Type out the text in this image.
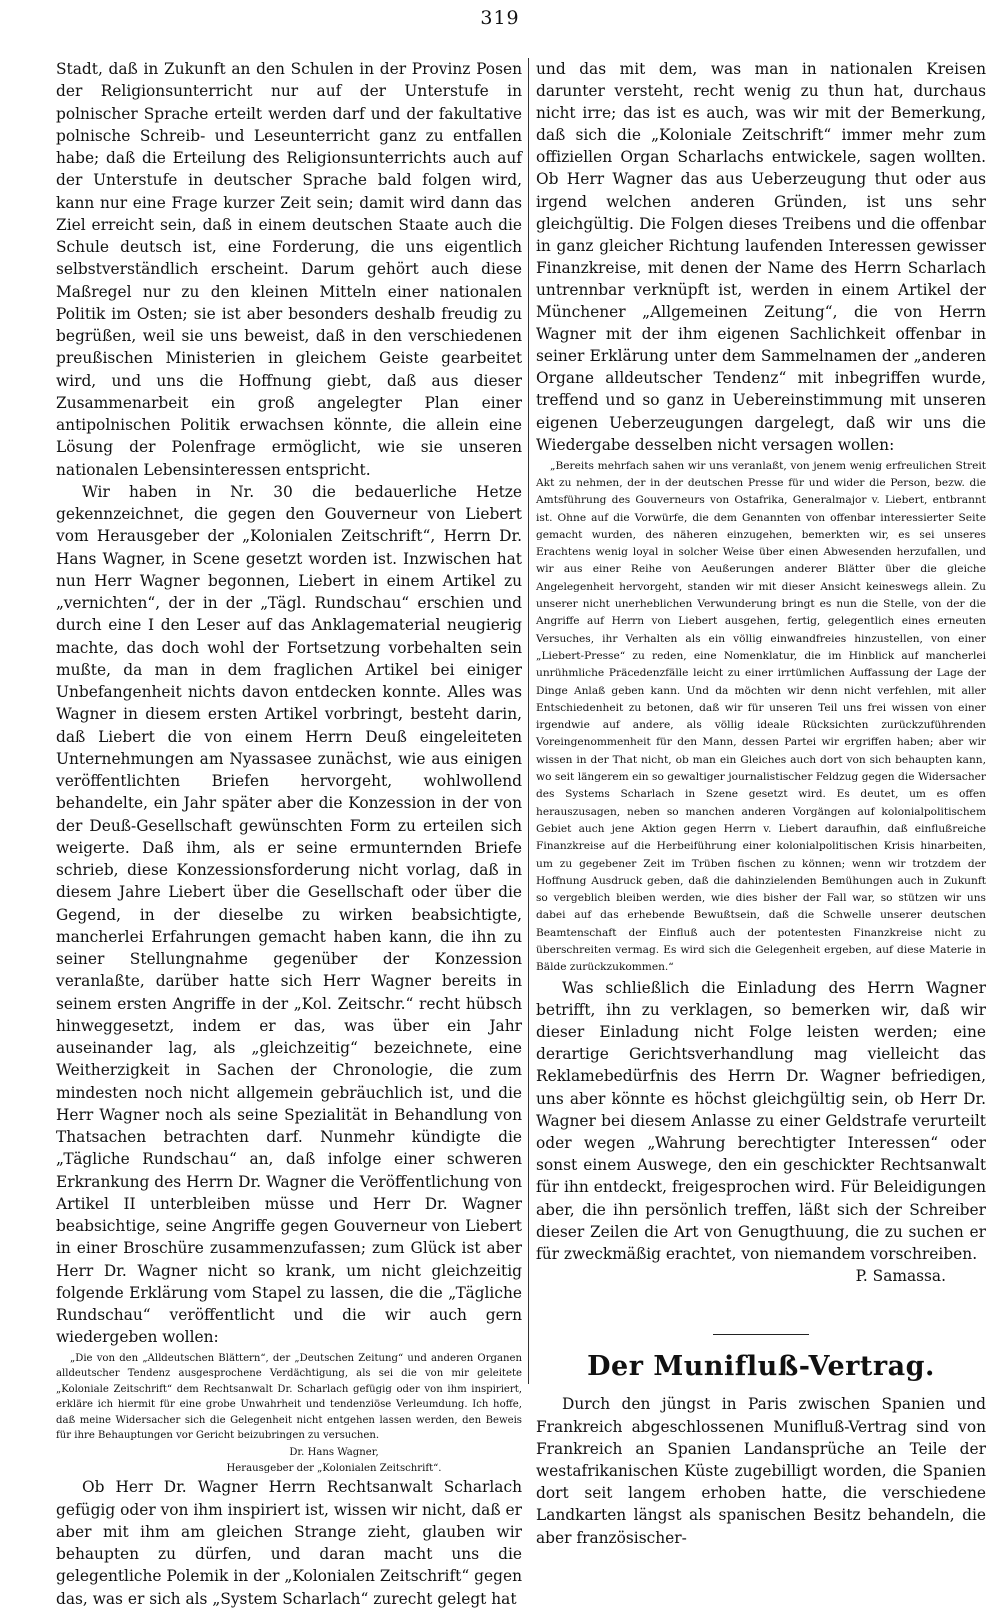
319

Stadt, daß in Zukunft an den Schulen in der Provinz Posen der Religionsunterricht nur auf der Unterstufe in polnischer Sprache erteilt werden darf und der fakultative polnische Schreib- und Leseunterricht ganz zu entfallen habe; daß die Erteilung des Religionsunterrichts auch auf der Unterstufe in deutscher Sprache bald folgen wird, kann nur eine Frage kurzer Zeit sein; damit wird dann das Ziel erreicht sein, daß in einem deutschen Staate auch die Schule deutsch ist, eine Forderung, die uns eigentlich selbstverständlich erscheint. Darum gehört auch diese Maßregel nur zu den kleinen Mitteln einer nationalen Politik im Osten; sie ist aber besonders deshalb freudig zu begrüßen, weil sie uns beweist, daß in den verschiedenen preußischen Ministerien in gleichem Geiste gearbeitet wird, und uns die Hoffnung giebt, daß aus dieser Zusammenarbeit ein groß angelegter Plan einer antipolnischen Politik erwachsen könnte, die allein eine Lösung der Polenfrage ermöglicht, wie sie unseren nationalen Lebensinteressen entspricht.

Wir haben in Nr. 30 die bedauerliche Hetze gekennzeichnet, die gegen den Gouverneur von Liebert vom Herausgeber der „Kolonialen Zeitschrift“, Herrn Dr. Hans Wagner, in Scene gesetzt worden ist. Inzwischen hat nun Herr Wagner begonnen, Liebert in einem Artikel zu „vernichten“, der in der „Tägl. Rundschau“ erschien und durch eine I den Leser auf das Anklagematerial neugierig machte, das doch wohl der Fortsetzung vorbehalten sein mußte, da man in dem fraglichen Artikel bei einiger Unbefangenheit nichts davon entdecken konnte. Alles was Wagner in diesem ersten Artikel vorbringt, besteht darin, daß Liebert die von einem Herrn Deuß eingeleiteten Unternehmungen am Nyassasee zunächst, wie aus einigen veröffentlichten Briefen hervorgeht, wohlwollend behandelte, ein Jahr später aber die Konzession in der von der Deuß-Gesellschaft gewünschten Form zu erteilen sich weigerte. Daß ihm, als er seine ermunternden Briefe schrieb, diese Konzessionsforderung nicht vorlag, daß in diesem Jahre Liebert über die Gesellschaft oder über die Gegend, in der dieselbe zu wirken beabsichtigte, mancherlei Erfahrungen gemacht haben kann, die ihn zu seiner Stellungnahme gegenüber der Konzession veranlaßte, darüber hatte sich Herr Wagner bereits in seinem ersten Angriffe in der „Kol. Zeitschr.“ recht hübsch hinweggesetzt, indem er das, was über ein Jahr auseinander lag, als „gleichzeitig“ bezeichnete, eine Weitherzigkeit in Sachen der Chronologie, die zum mindesten noch nicht allgemein gebräuchlich ist, und die Herr Wagner noch als seine Spezialität in Behandlung von Thatsachen betrachten darf. Nunmehr kündigte die „Tägliche Rundschau“ an, daß infolge einer schweren Erkrankung des Herrn Dr. Wagner die Veröffentlichung von Artikel II unterbleiben müsse und Herr Dr. Wagner beabsichtige, seine Angriffe gegen Gouverneur von Liebert in einer Broschüre zusammenzufassen; zum Glück ist aber Herr Dr. Wagner nicht so krank, um nicht gleichzeitig folgende Erklärung vom Stapel zu lassen, die die „Tägliche Rundschau“ veröffentlicht und die wir auch gern wiedergeben wollen:

„Die von den „Alldeutschen Blättern“, der „Deutschen Zeitung“ und anderen Organen alldeutscher Tendenz ausgesprochene Verdächtigung, als sei die von mir geleitete „Koloniale Zeitschrift“ dem Rechtsanwalt Dr. Scharlach gefügig oder von ihm inspiriert, erkläre ich hiermit für eine grobe Unwahrheit und tendenziöse Verleumdung. Ich hoffe, daß meine Widersacher sich die Gelegenheit nicht entgehen lassen werden, den Beweis für ihre Behauptungen vor Gericht beizubringen zu versuchen.

Dr. Hans Wagner,

Herausgeber der „Kolonialen Zeitschrift“.

Ob Herr Dr. Wagner Herrn Rechtsanwalt Scharlach gefügig oder von ihm inspiriert ist, wissen wir nicht, daß er aber mit ihm am gleichen Strange zieht, glauben wir behaupten zu dürfen, und daran macht uns die gelegentliche Polemik in der „Kolonialen Zeitschrift“ gegen das, was er sich als „System Scharlach“ zurecht gelegt hat

und das mit dem, was man in nationalen Kreisen darunter versteht, recht wenig zu thun hat, durchaus nicht irre; das ist es auch, was wir mit der Bemerkung, daß sich die „Koloniale Zeitschrift“ immer mehr zum offiziellen Organ Scharlachs entwickele, sagen wollten. Ob Herr Wagner das aus Ueberzeugung thut oder aus irgend welchen anderen Gründen, ist uns sehr gleichgültig. Die Folgen dieses Treibens und die offenbar in ganz gleicher Richtung laufenden Interessen gewisser Finanzkreise, mit denen der Name des Herrn Scharlach untrennbar verknüpft ist, werden in einem Artikel der Münchener „Allgemeinen Zeitung“, die von Herrn Wagner mit der ihm eigenen Sachlichkeit offenbar in seiner Erklärung unter dem Sammelnamen der „anderen Organe alldeutscher Tendenz“ mit inbegriffen wurde, treffend und so ganz in Uebereinstimmung mit unseren eigenen Ueberzeugungen dargelegt, daß wir uns die Wiedergabe desselben nicht versagen wollen:

„Bereits mehrfach sahen wir uns veranlaßt, von jenem wenig erfreulichen Streit Akt zu nehmen, der in der deutschen Presse für und wider die Person, bezw. die Amtsführung des Gouverneurs von Ostafrika, Generalmajor v. Liebert, entbrannt ist. Ohne auf die Vorwürfe, die dem Genannten von offenbar interessierter Seite gemacht wurden, des näheren einzugehen, bemerkten wir, es sei unseres Erachtens wenig loyal in solcher Weise über einen Abwesenden herzufallen, und wir aus einer Reihe von Aeußerungen anderer Blätter über die gleiche Angelegenheit hervorgeht, standen wir mit dieser Ansicht keineswegs allein. Zu unserer nicht unerheblichen Verwunderung bringt es nun die Stelle, von der die Angriffe auf Herrn von Liebert ausgehen, fertig, gelegentlich eines erneuten Versuches, ihr Verhalten als ein völlig einwandfreies hinzustellen, von einer „Liebert-Presse“ zu reden, eine Nomenklatur, die im Hinblick auf mancherlei unrühmliche Präcedenzfälle leicht zu einer irrtümlichen Auffassung der Lage der Dinge Anlaß geben kann. Und da möchten wir denn nicht verfehlen, mit aller Entschiedenheit zu betonen, daß wir für unseren Teil uns frei wissen von einer irgendwie auf andere, als völlig ideale Rücksichten zurückzuführenden Voreingenommenheit für den Mann, dessen Partei wir ergriffen haben; aber wir wissen in der That nicht, ob man ein Gleiches auch dort von sich behaupten kann, wo seit längerem ein so gewaltiger journalistischer Feldzug gegen die Widersacher des Systems Scharlach in Szene gesetzt wird. Es deutet, um es offen herauszusagen, neben so manchen anderen Vorgängen auf kolonialpolitischem Gebiet auch jene Aktion gegen Herrn v. Liebert daraufhin, daß einflußreiche Finanzkreise auf die Herbeiführung einer kolonialpolitischen Krisis hinarbeiten, um zu gegebener Zeit im Trüben fischen zu können; wenn wir trotzdem der Hoffnung Ausdruck geben, daß die dahinzielenden Bemühungen auch in Zukunft so vergeblich bleiben werden, wie dies bisher der Fall war, so stützen wir uns dabei auf das erhebende Bewußtsein, daß die Schwelle unserer deutschen Beamtenschaft der Einfluß auch der potentesten Finanzkreise nicht zu überschreiten vermag. Es wird sich die Gelegenheit ergeben, auf diese Materie in Bälde zurückzukommen.“

Was schließlich die Einladung des Herrn Wagner betrifft, ihn zu verklagen, so bemerken wir, daß wir dieser Einladung nicht Folge leisten werden; eine derartige Gerichtsverhandlung mag vielleicht das Reklamebedürfnis des Herrn Dr. Wagner befriedigen, uns aber könnte es höchst gleichgültig sein, ob Herr Dr. Wagner bei diesem Anlasse zu einer Geldstrafe verurteilt oder wegen „Wahrung berechtigter Interessen“ oder sonst einem Auswege, den ein geschickter Rechtsanwalt für ihn entdeckt, freigesprochen wird. Für Beleidigungen aber, die ihn persönlich treffen, läßt sich der Schreiber dieser Zeilen die Art von Genugthuung, die zu suchen er für zweckmäßig erachtet, von niemandem vorschreiben.

P. Samassa.
Der Munifluß-Vertrag.

Durch den jüngst in Paris zwischen Spanien und Frankreich abgeschlossenen Munifluß-Vertrag sind von Frankreich an Spanien Landansprüche an Teile der westafrikanischen Küste zugebilligt worden, die Spanien dort seit langem erhoben hatte, die verschiedene Landkarten längst als spanischen Besitz behandeln, die aber französischer-
